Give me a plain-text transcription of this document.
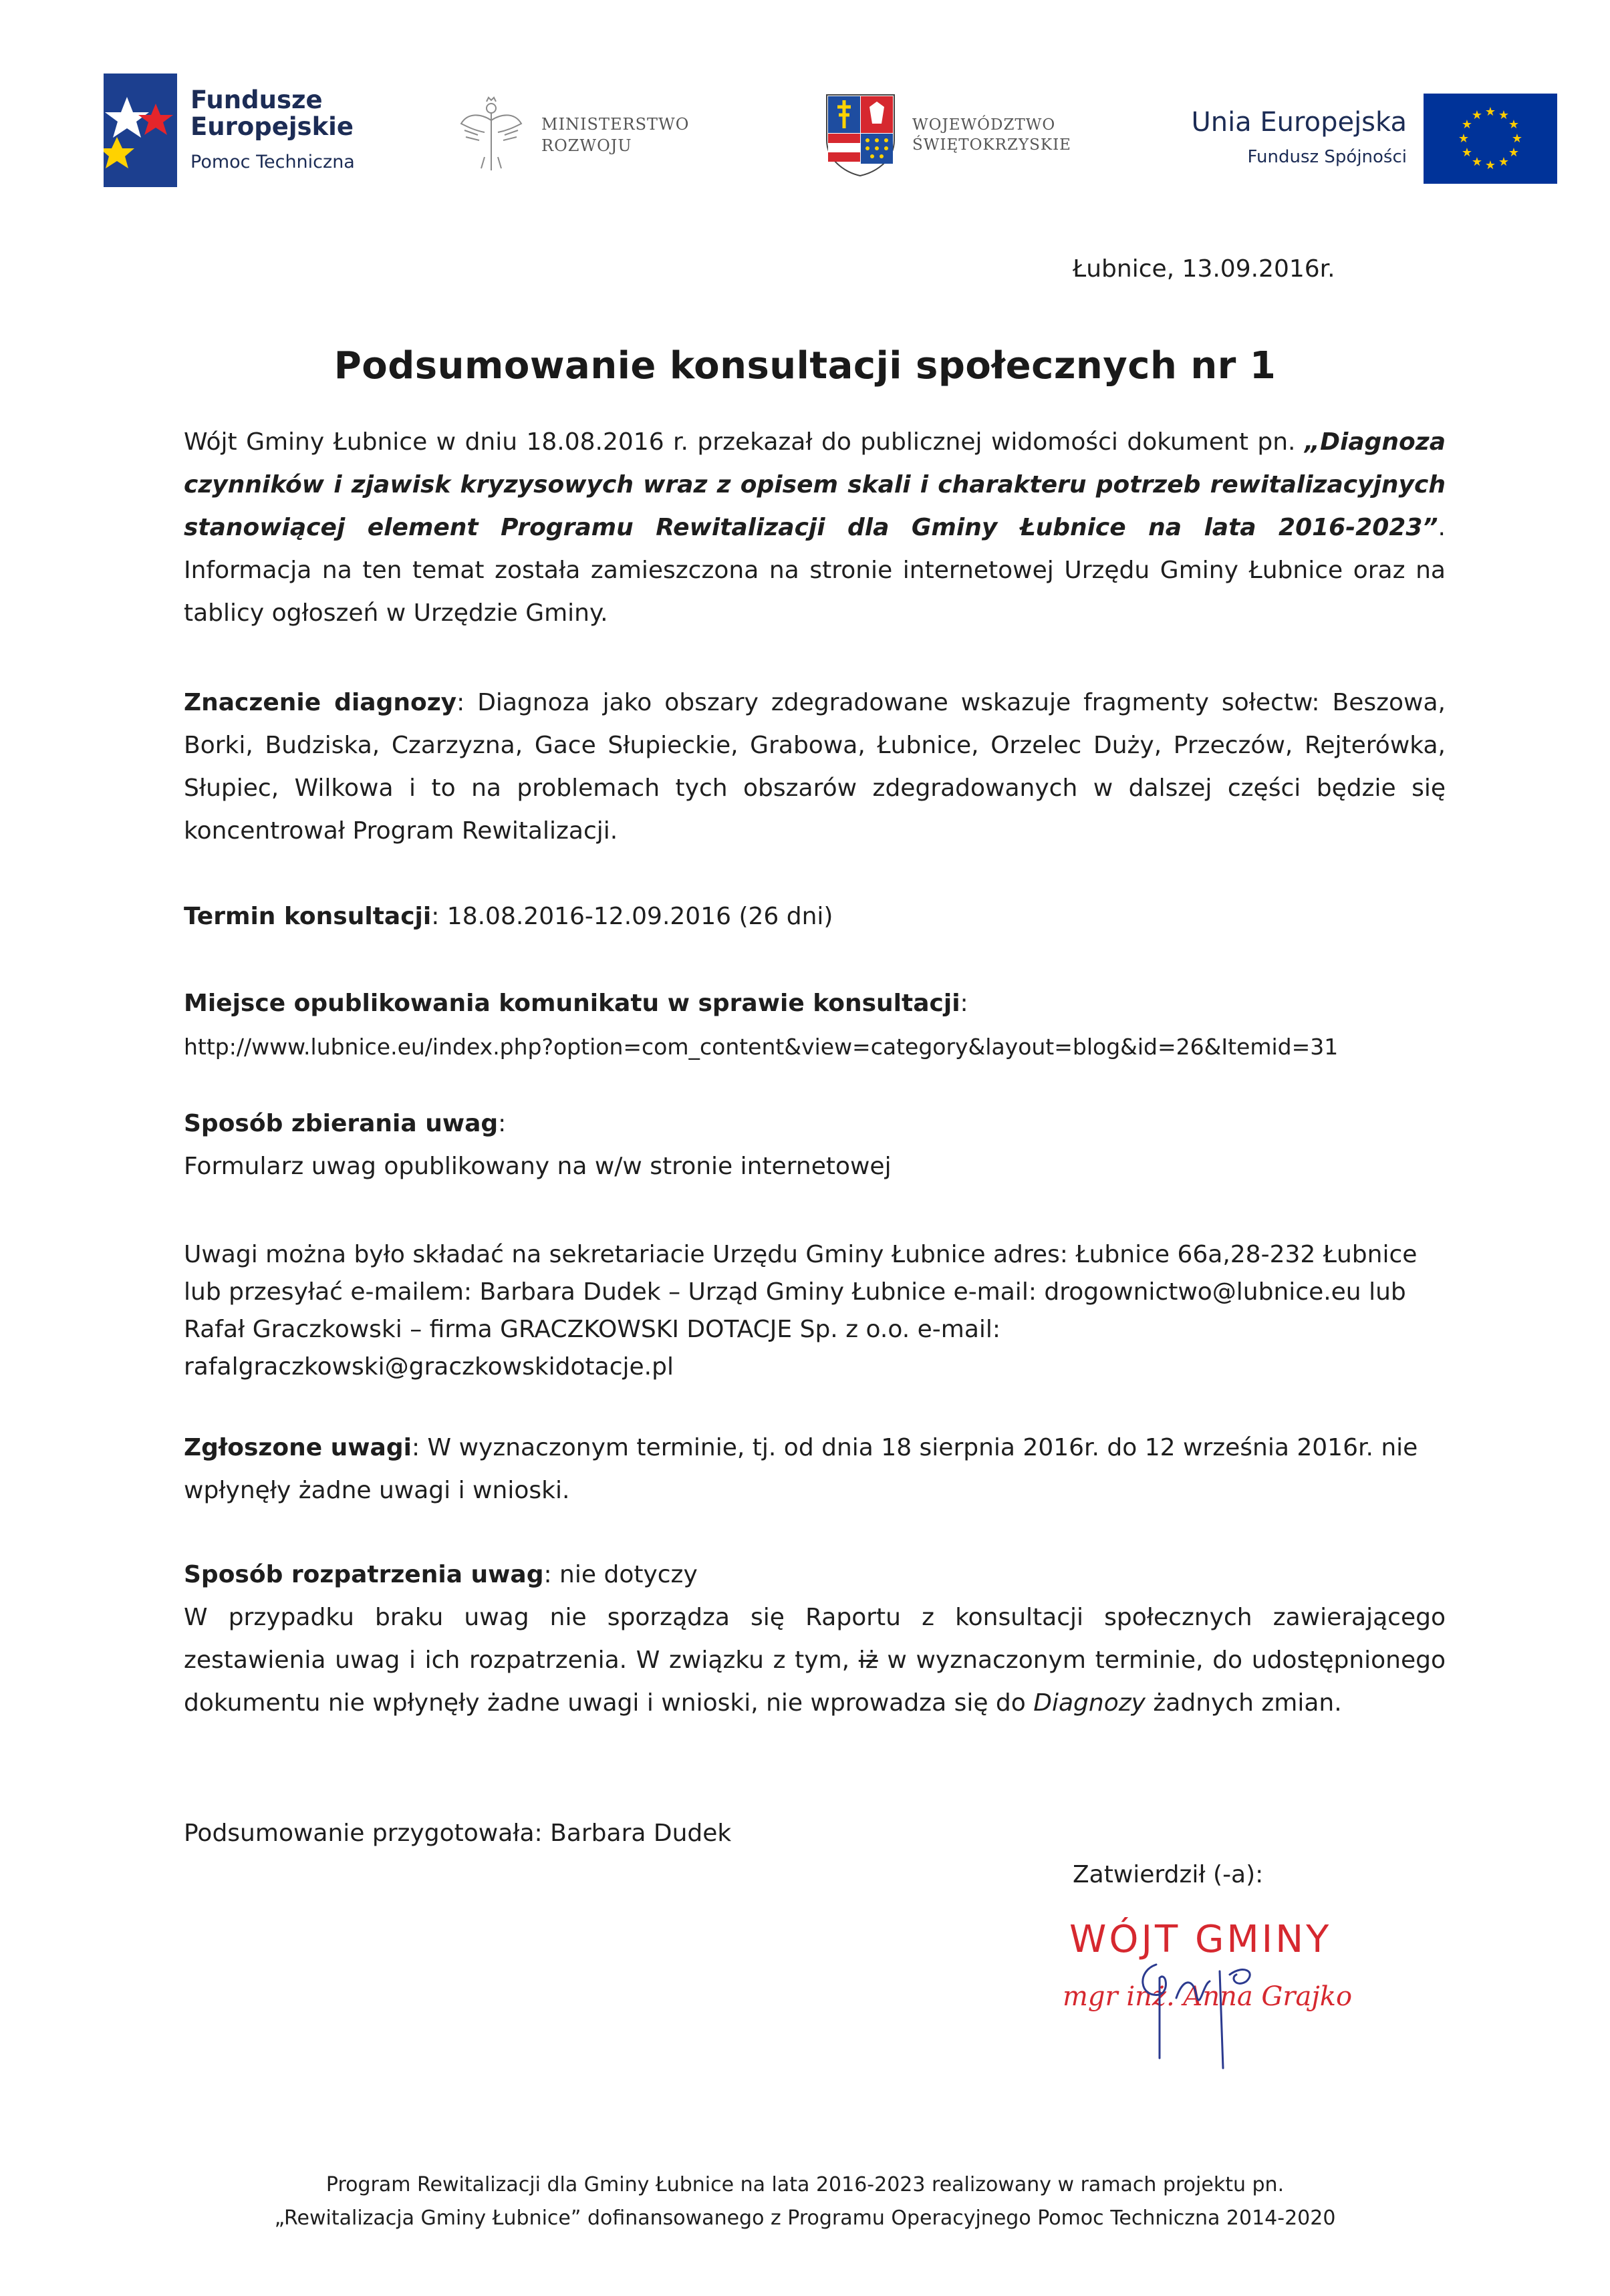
Fundusze
Europejskie
Pomoc Techniczna
MINISTERSTWO
ROZWOJU
WOJEWÓDZTWO
ŚWIĘTOKRZYSKIE
Unia Europejska
Fundusz Spójności
★ ★
★
★
★
★
★
★
★
★
★
★
Łubnice, 13.09.2016r.
Podsumowanie konsultacji społecznych nr 1
Wójt Gminy Łubnice w dniu 18.08.2016 r. przekazał do publicznej widomości dokument pn. „Diagnoza czynników i zjawisk kryzysowych wraz z opisem skali i charakteru potrzeb rewitalizacyjnych stanowiącej element Programu Rewitalizacji dla Gminy Łubnice na lata 2016-2023”. Informacja na ten temat została zamieszczona na stronie internetowej Urzędu Gminy Łubnice oraz na tablicy ogłoszeń w Urzędzie Gminy.
Znaczenie diagnozy: Diagnoza jako obszary zdegradowane wskazuje fragmenty sołectw: Beszowa, Borki, Budziska, Czarzyzna, Gace Słupieckie, Grabowa, Łubnice, Orzelec Duży, Przeczów, Rejterówka, Słupiec, Wilkowa i to na problemach tych obszarów zdegradowanych w dalszej części będzie się koncentrował Program Rewitalizacji.
Termin konsultacji: 18.08.2016-12.09.2016 (26 dni)
Miejsce opublikowania komunikatu w sprawie konsultacji:
http://www.lubnice.eu/index.php?option=com_content&view=category&layout=blog&id=26&Itemid=31
Sposób zbierania uwag:
Formularz uwag opublikowany na w/w stronie internetowej
Uwagi można było składać na sekretariacie Urzędu Gminy Łubnice adres: Łubnice 66a,28-232 Łubnice
lub przesyłać e-mailem: Barbara Dudek – Urząd Gminy Łubnice e-mail: drogownictwo@lubnice.eu lub
Rafał Graczkowski – firma GRACZKOWSKI DOTACJE Sp. z o.o. e-mail:
rafalgraczkowski@graczkowskidotacje.pl
Zgłoszone uwagi: W wyznaczonym terminie, tj. od dnia 18 sierpnia 2016r. do 12 września 2016r. nie wpłynęły żadne uwagi i wnioski.
Sposób rozpatrzenia uwag: nie dotyczy
W przypadku braku uwag nie sporządza się Raportu z konsultacji społecznych zawierającego zestawienia uwag i ich rozpatrzenia. W związku z tym, iż w wyznaczonym terminie, do udostępnionego dokumentu nie wpłynęły żadne uwagi i wnioski, nie wprowadza się do Diagnozy żadnych zmian.
Podsumowanie przygotowała: Barbara Dudek
Zatwierdził (-a):
WÓJT GMINY
mgr inż. Anna Grajko
Program Rewitalizacji dla Gminy Łubnice na lata 2016-2023 realizowany w ramach projektu pn.
„Rewitalizacja Gminy Łubnice” dofinansowanego z Programu Operacyjnego Pomoc Techniczna 2014-2020
